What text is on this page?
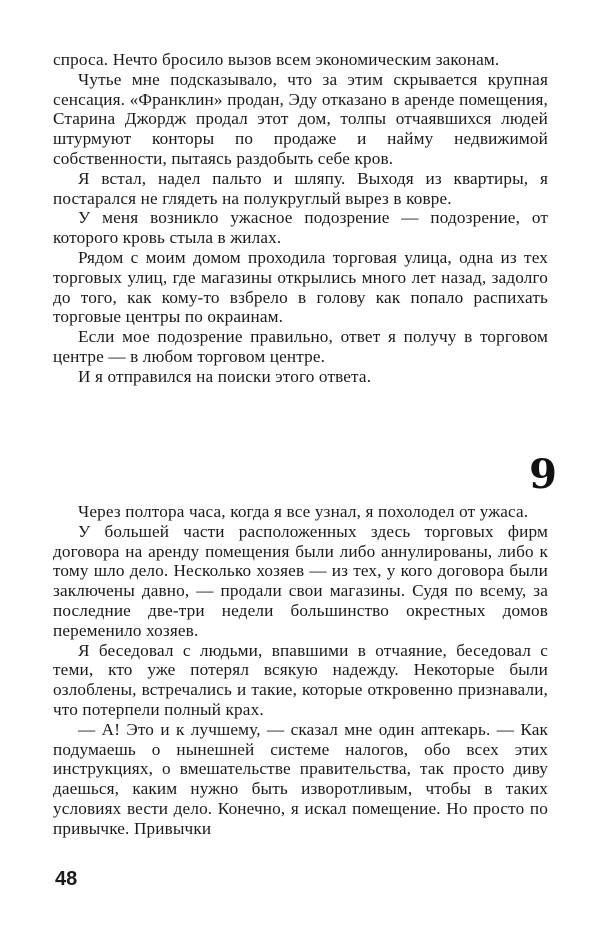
спроса. Нечто бросило вызов всем экономическим законам.

Чутье мне подсказывало, что за этим скрывается крупная сенсация. «Франклин» продан, Эду отказано в аренде помещения, Старина Джордж продал этот дом, толпы отчаявшихся людей штурмуют конторы по продаже и найму недвижимой собственности, пытаясь раздобыть себе кров.

Я встал, надел пальто и шляпу. Выходя из квартиры, я постарался не глядеть на полукруглый вырез в ковре.

У меня возникло ужасное подозрение — подозрение, от которого кровь стыла в жилах.

Рядом с моим домом проходила торговая улица, одна из тех торговых улиц, где магазины открылись много лет назад, задолго до того, как кому-то взбрело в голову как попало распихать торговые центры по окраинам.

Если мое подозрение правильно, ответ я получу в торговом центре — в любом торговом центре.

И я отправился на поиски этого ответа.

9

Через полтора часа, когда я все узнал, я похолодел от ужаса.

У большей части расположенных здесь торговых фирм договора на аренду помещения были либо аннулированы, либо к тому шло дело. Несколько хозяев — из тех, у кого договора были заключены давно, — продали свои магазины. Судя по всему, за последние две-три недели большинство окрестных домов переменило хозяев.

Я беседовал с людьми, впавшими в отчаяние, беседовал с теми, кто уже потерял всякую надежду. Некоторые были озлоблены, встречались и такие, которые откровенно признавали, что потерпели полный крах.

— А! Это и к лучшему, — сказал мне один аптекарь. — Как подумаешь о нынешней системе налогов, обо всех этих инструкциях, о вмешательстве правительства, так просто диву даешься, каким нужно быть изворотливым, чтобы в таких условиях вести дело. Конечно, я искал помещение. Но просто по привычке. Привычки

48
